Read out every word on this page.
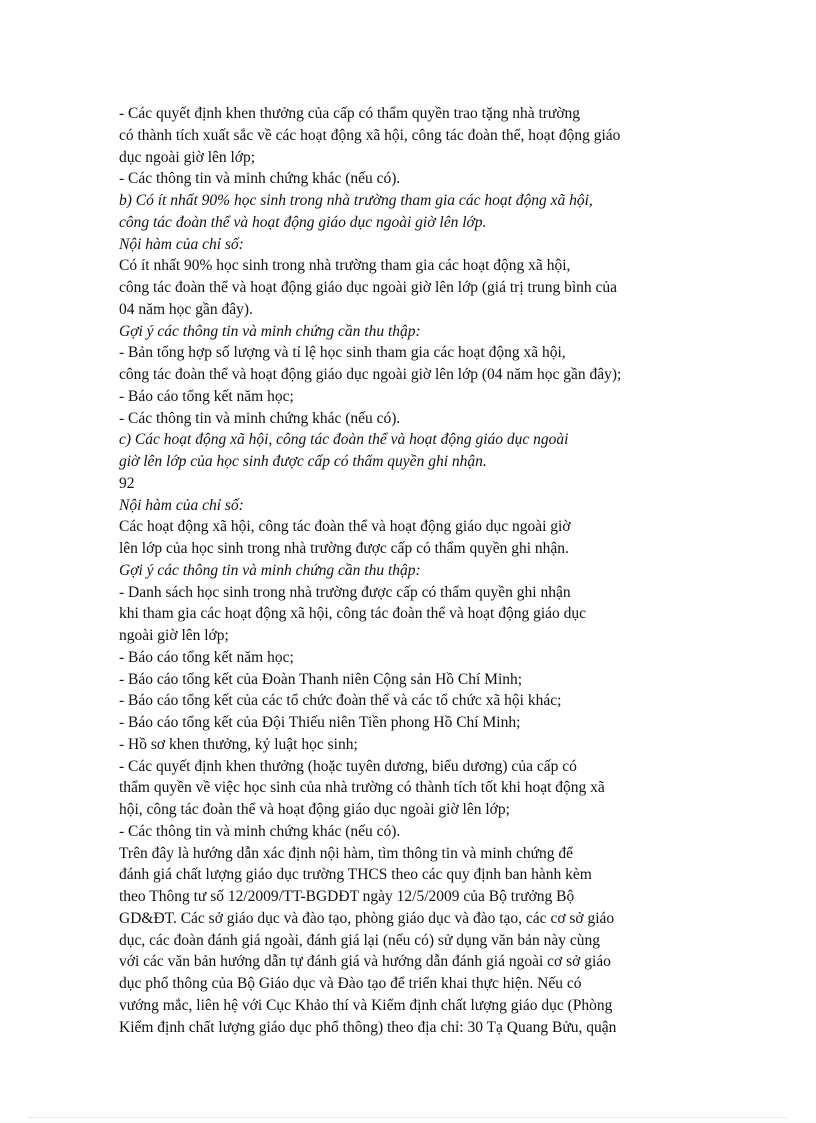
- Các quyết định khen thưởng của cấp có thẩm quyền trao tặng nhà trường
có thành tích xuất sắc về các hoạt động xã hội, công tác đoàn thể, hoạt động giáo
dục ngoài giờ lên lớp;
- Các thông tin và minh chứng khác (nếu có).
b) Có ít nhất 90% học sinh trong nhà trường tham gia các hoạt động xã hội,
công tác đoàn thể và hoạt động giáo dục ngoài giờ lên lớp.
Nội hàm của chỉ số:
Có ít nhất 90% học sinh trong nhà trường tham gia các hoạt động xã hội,
công tác đoàn thể và hoạt động giáo dục ngoài giờ lên lớp (giá trị trung bình của
04 năm học gần đây).
Gợi ý các thông tin và minh chứng cần thu thập:
- Bản tổng hợp số lượng và tỉ lệ học sinh tham gia các hoạt động xã hội,
công tác đoàn thể và hoạt động giáo dục ngoài giờ lên lớp (04 năm học gần đây);
- Báo cáo tổng kết năm học;
- Các thông tin và minh chứng khác (nếu có).
c) Các hoạt động xã hội, công tác đoàn thể và hoạt động giáo dục ngoài
giờ lên lớp của học sinh được cấp có thẩm quyền ghi nhận.
92
Nội hàm của chỉ số:
Các hoạt động xã hội, công tác đoàn thể và hoạt động giáo dục ngoài giờ
lên lớp của học sinh trong nhà trường được cấp có thẩm quyền ghi nhận.
Gợi ý các thông tin và minh chứng cần thu thập:
- Danh sách học sinh trong nhà trường được cấp có thẩm quyền ghi nhận
khi tham gia các hoạt động xã hội, công tác đoàn thể và hoạt động giáo dục
ngoài giờ lên lớp;
- Báo cáo tổng kết năm học;
- Báo cáo tổng kết của Đoàn Thanh niên Cộng sản Hồ Chí Minh;
- Báo cáo tổng kết của các tổ chức đoàn thể và các tổ chức xã hội khác;
- Báo cáo tổng kết của Đội Thiếu niên Tiền phong Hồ Chí Minh;
- Hồ sơ khen thưởng, kỷ luật học sinh;
- Các quyết định khen thưởng (hoặc tuyên dương, biểu dương) của cấp có
thẩm quyền về việc học sinh của nhà trường có thành tích tốt khi hoạt động xã
hội, công tác đoàn thể và hoạt động giáo dục ngoài giờ lên lớp;
- Các thông tin và minh chứng khác (nếu có).
Trên đây là hướng dẫn xác định nội hàm, tìm thông tin và minh chứng để
đánh giá chất lượng giáo dục trường THCS theo các quy định ban hành kèm
theo Thông tư số 12/2009/TT-BGDĐT ngày 12/5/2009 của Bộ trưởng Bộ
GD&ĐT. Các sở giáo dục và đào tạo, phòng giáo dục và đào tạo, các cơ sở giáo
dục, các đoàn đánh giá ngoài, đánh giá lại (nếu có) sử dụng văn bản này cùng
với các văn bản hướng dẫn tự đánh giá và hướng dẫn đánh giá ngoài cơ sở giáo
dục phổ thông của Bộ Giáo dục và Đào tạo để triển khai thực hiện. Nếu có
vướng mắc, liên hệ với Cục Khảo thí và Kiểm định chất lượng giáo dục (Phòng
Kiểm định chất lượng giáo dục phổ thông) theo địa chỉ: 30 Tạ Quang Bửu, quận
